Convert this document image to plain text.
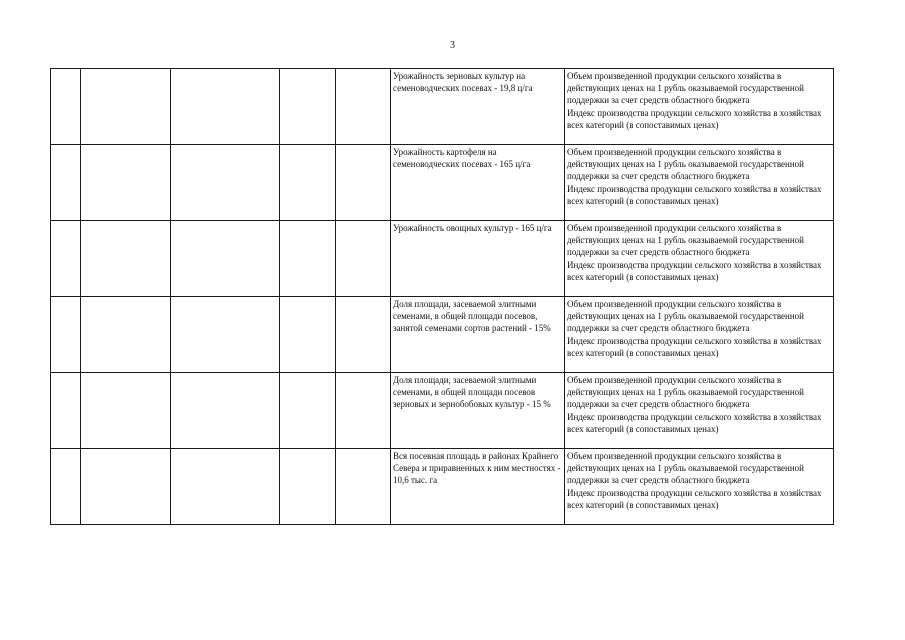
3

					Урожайность зерновых культур на семеноводческих посевах - 19,8 ц/га	Объем произведенной продукции сельского хозяйства в действующих ценах на 1 рубль оказываемой государственной поддержки за счет средств областного бюджета
Индекс производства продукции сельского хозяйства в хозяйствах всех категорий (в сопоставимых ценах)

					Урожайность картофеля на семеноводческих посевах - 165 ц/га	Объем произведенной продукции сельского хозяйства в действующих ценах на 1 рубль оказываемой государственной поддержки за счет средств областного бюджета
Индекс производства продукции сельского хозяйства в хозяйствах всех категорий (в сопоставимых ценах)

					Урожайность овощных культур - 165 ц/га	Объем произведенной продукции сельского хозяйства в действующих ценах на 1 рубль оказываемой государственной поддержки за счет средств областного бюджета
Индекс производства продукции сельского хозяйства в хозяйствах всех категорий (в сопоставимых ценах)

					Доля площади, засеваемой элитными семенами, в общей площади посевов, занятой семенами сортов растений - 15%	Объем произведенной продукции сельского хозяйства в действующих ценах на 1 рубль оказываемой государственной поддержки за счет средств областного бюджета
Индекс производства продукции сельского хозяйства в хозяйствах всех категорий (в сопоставимых ценах)

					Доля площади, засеваемой элитными семенами, в общей площади посевов зерновых и зернобобовых культур - 15 %	Объем произведенной продукции сельского хозяйства в действующих ценах на 1 рубль оказываемой государственной поддержки за счет средств областного бюджета
Индекс производства продукции сельского хозяйства в хозяйствах всех категорий (в сопоставимых ценах)

					Вся посевная площадь в районах Крайнего Севера и приравненных к ним местностях - 10,6 тыс. га	Объем произведенной продукции сельского хозяйства в действующих ценах на 1 рубль оказываемой государственной поддержки за счет средств областного бюджета
Индекс производства продукции сельского хозяйства в хозяйствах всех категорий (в сопоставимых ценах)
